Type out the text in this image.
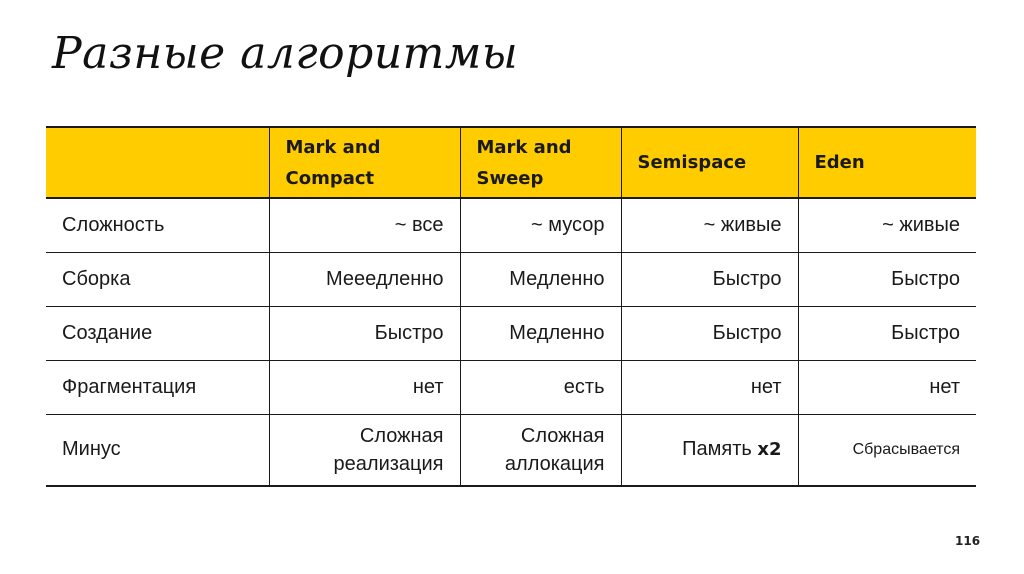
Разные алгоритмы
	Mark and Compact	Mark and Sweep	Semispace	Eden
Сложность	~ все	~ мусор	~ живые	~ живые
Сборка	Мееедленно	Медленно	Быстро	Быстро
Создание	Быстро	Медленно	Быстро	Быстро
Фрагментация	нет	есть	нет	нет
Минус	Сложная реализация	Сложная аллокация	Память x2	Сбрасывается
116
